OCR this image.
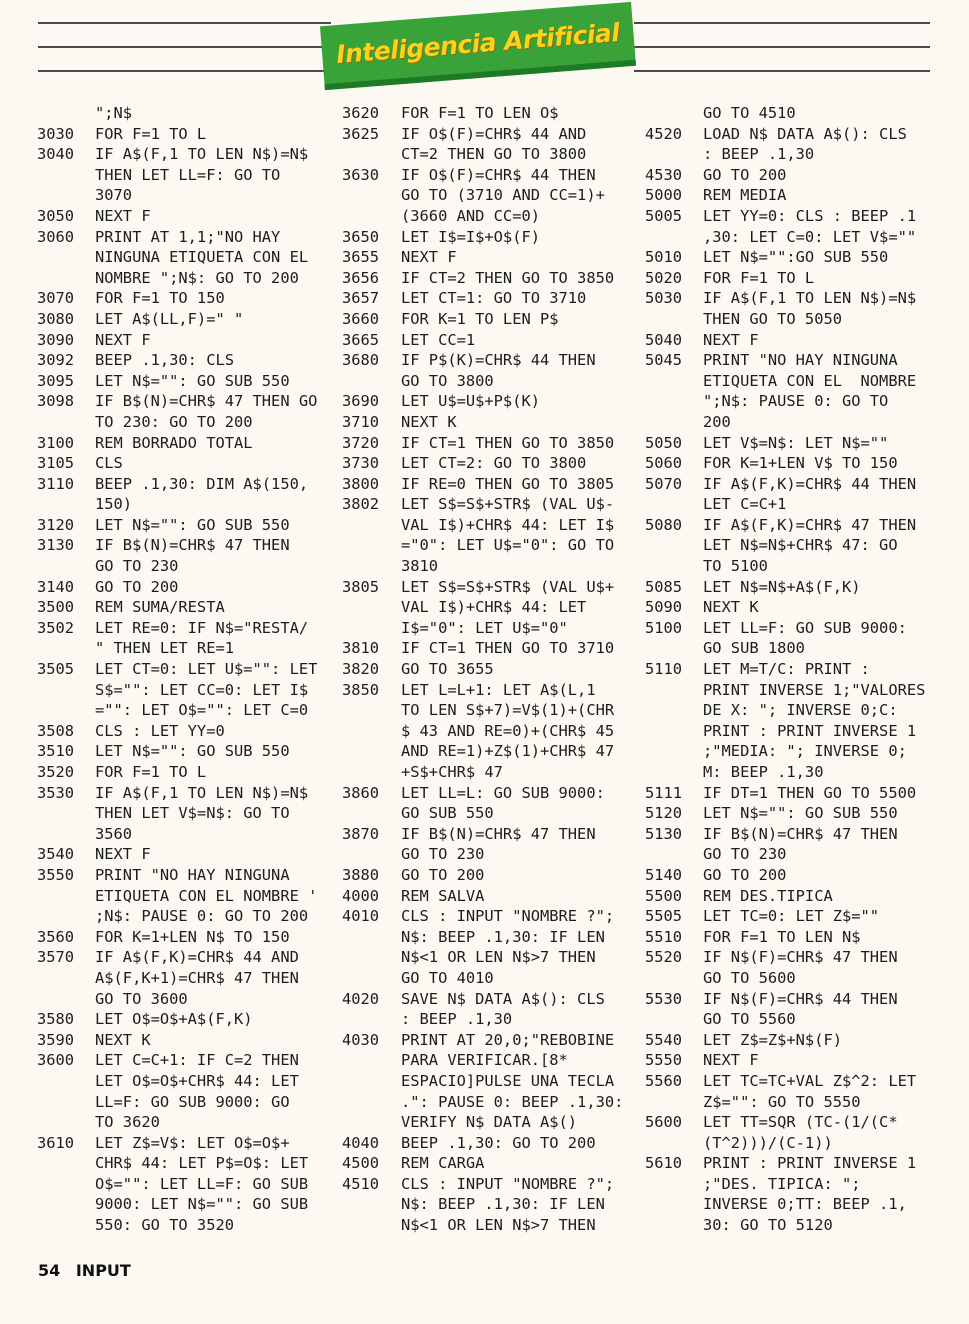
Inteligencia Artificial
";N$
3030 FOR F=1 TO L
3040 IF A$(F,1 TO LEN N$)=N$
THEN LET LL=F: GO TO
3070
3050 NEXT F
3060 PRINT AT 1,1;"NO HAY
NINGUNA ETIQUETA CON EL
NOMBRE ";N$: GO TO 200
3070 FOR F=1 TO 150
3080 LET A$(LL,F)=" "
3090 NEXT F
3092 BEEP .1,30: CLS
3095 LET N$="": GO SUB 550
3098 IF B$(N)=CHR$ 47 THEN GO
TO 230: GO TO 200
3100 REM BORRADO TOTAL
3105 CLS
3110 BEEP .1,30: DIM A$(150,
150)
3120 LET N$="": GO SUB 550
3130 IF B$(N)=CHR$ 47 THEN
GO TO 230
3140 GO TO 200
3500 REM SUMA/RESTA
3502 LET RE=0: IF N$="RESTA/
" THEN LET RE=1
3505 LET CT=0: LET U$="": LET
S$="": LET CC=0: LET I$
="": LET O$="": LET C=0
3508 CLS : LET YY=0
3510 LET N$="": GO SUB 550
3520 FOR F=1 TO L
3530 IF A$(F,1 TO LEN N$)=N$
THEN LET V$=N$: GO TO
3560
3540 NEXT F
3550 PRINT "NO HAY NINGUNA
ETIQUETA CON EL NOMBRE '
;N$: PAUSE 0: GO TO 200
3560 FOR K=1+LEN N$ TO 150
3570 IF A$(F,K)=CHR$ 44 AND
A$(F,K+1)=CHR$ 47 THEN
GO TO 3600
3580 LET O$=O$+A$(F,K)
3590 NEXT K
3600 LET C=C+1: IF C=2 THEN
LET O$=O$+CHR$ 44: LET
LL=F: GO SUB 9000: GO
TO 3620
3610 LET Z$=V$: LET O$=O$+
CHR$ 44: LET P$=O$: LET
O$="": LET LL=F: GO SUB
9000: LET N$="": GO SUB
550: GO TO 3520
3620 FOR F=1 TO LEN O$
3625 IF O$(F)=CHR$ 44 AND
CT=2 THEN GO TO 3800
3630 IF O$(F)=CHR$ 44 THEN
GO TO (3710 AND CC=1)+
(3660 AND CC=0)
3650 LET I$=I$+O$(F)
3655 NEXT F
3656 IF CT=2 THEN GO TO 3850
3657 LET CT=1: GO TO 3710
3660 FOR K=1 TO LEN P$
3665 LET CC=1
3680 IF P$(K)=CHR$ 44 THEN
GO TO 3800
3690 LET U$=U$+P$(K)
3710 NEXT K
3720 IF CT=1 THEN GO TO 3850
3730 LET CT=2: GO TO 3800
3800 IF RE=0 THEN GO TO 3805
3802 LET S$=S$+STR$ (VAL U$-
VAL I$)+CHR$ 44: LET I$
="0": LET U$="0": GO TO
3810
3805 LET S$=S$+STR$ (VAL U$+
VAL I$)+CHR$ 44: LET
I$="0": LET U$="0"
3810 IF CT=1 THEN GO TO 3710
3820 GO TO 3655
3850 LET L=L+1: LET A$(L,1
TO LEN S$+7)=V$(1)+(CHR
$ 43 AND RE=0)+(CHR$ 45
AND RE=1)+Z$(1)+CHR$ 47
+S$+CHR$ 47
3860 LET LL=L: GO SUB 9000:
GO SUB 550
3870 IF B$(N)=CHR$ 47 THEN
GO TO 230
3880 GO TO 200
4000 REM SALVA
4010 CLS : INPUT "NOMBRE ?";
N$: BEEP .1,30: IF LEN
N$<1 OR LEN N$>7 THEN
GO TO 4010
4020 SAVE N$ DATA A$(): CLS
: BEEP .1,30
4030 PRINT AT 20,0;"REBOBINE
PARA VERIFICAR.[8*
ESPACIO]PULSE UNA TECLA
.": PAUSE 0: BEEP .1,30:
VERIFY N$ DATA A$()
4040 BEEP .1,30: GO TO 200
4500 REM CARGA
4510 CLS : INPUT "NOMBRE ?";
N$: BEEP .1,30: IF LEN
N$<1 OR LEN N$>7 THEN
GO TO 4510
4520 LOAD N$ DATA A$(): CLS
: BEEP .1,30
4530 GO TO 200
5000 REM MEDIA
5005 LET YY=0: CLS : BEEP .1
,30: LET C=0: LET V$=""
5010 LET N$="":GO SUB 550
5020 FOR F=1 TO L
5030 IF A$(F,1 TO LEN N$)=N$
THEN GO TO 5050
5040 NEXT F
5045 PRINT "NO HAY NINGUNA
ETIQUETA CON EL  NOMBRE
";N$: PAUSE 0: GO TO
200
5050 LET V$=N$: LET N$=""
5060 FOR K=1+LEN V$ TO 150
5070 IF A$(F,K)=CHR$ 44 THEN
LET C=C+1
5080 IF A$(F,K)=CHR$ 47 THEN
LET N$=N$+CHR$ 47: GO
TO 5100
5085 LET N$=N$+A$(F,K)
5090 NEXT K
5100 LET LL=F: GO SUB 9000:
GO SUB 1800
5110 LET M=T/C: PRINT :
PRINT INVERSE 1;"VALORES
DE X: "; INVERSE 0;C:
PRINT : PRINT INVERSE 1
;"MEDIA: "; INVERSE 0;
M: BEEP .1,30
5111 IF DT=1 THEN GO TO 5500
5120 LET N$="": GO SUB 550
5130 IF B$(N)=CHR$ 47 THEN
GO TO 230
5140 GO TO 200
5500 REM DES.TIPICA
5505 LET TC=0: LET Z$=""
5510 FOR F=1 TO LEN N$
5520 IF N$(F)=CHR$ 47 THEN
GO TO 5600
5530 IF N$(F)=CHR$ 44 THEN
GO TO 5560
5540 LET Z$=Z$+N$(F)
5550 NEXT F
5560 LET TC=TC+VAL Z$^2: LET
Z$="": GO TO 5550
5600 LET TT=SQR (TC-(1/(C*
(T^2)))/(C-1))
5610 PRINT : PRINT INVERSE 1
;"DES. TIPICA: ";
INVERSE 0;TT: BEEP .1,
30: GO TO 5120
54 INPUT
